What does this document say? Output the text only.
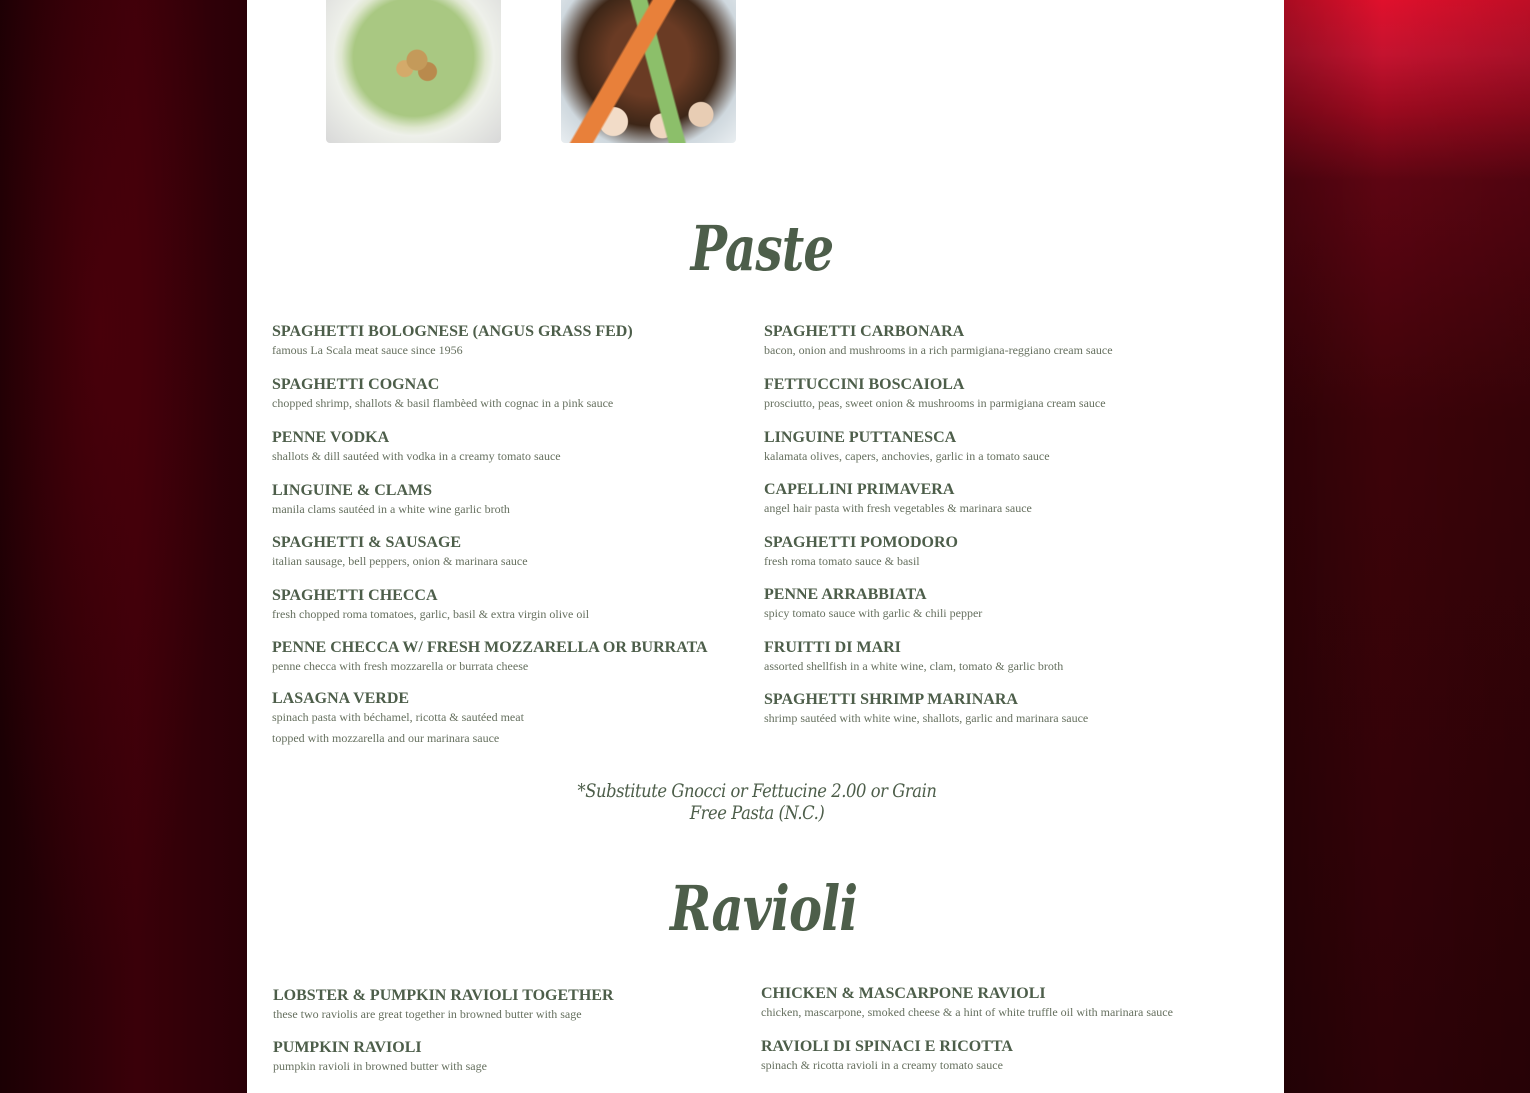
Paste
SPAGHETTI BOLOGNESE (ANGUS GRASS FED)
famous La Scala meat sauce since 1956
SPAGHETTI COGNAC
chopped shrimp, shallots & basil flambèed with cognac in a pink sauce
PENNE VODKA
shallots & dill sautéed with vodka in a creamy tomato sauce
LINGUINE & CLAMS
manila clams sautéed in a white wine garlic broth
SPAGHETTI & SAUSAGE
italian sausage, bell peppers, onion & marinara sauce
SPAGHETTI CHECCA
fresh chopped roma tomatoes, garlic, basil & extra virgin olive oil
PENNE CHECCA W/ FRESH MOZZARELLA OR BURRATA
penne checca with fresh mozzarella or burrata cheese
LASAGNA VERDE
spinach pasta with béchamel, ricotta & sautéed meat
topped with mozzarella and our marinara sauce
SPAGHETTI CARBONARA
bacon, onion and mushrooms in a rich parmigiana-reggiano cream sauce
FETTUCCINI BOSCAIOLA
prosciutto, peas, sweet onion & mushrooms in parmigiana cream sauce
LINGUINE PUTTANESCA
kalamata olives, capers, anchovies, garlic in a tomato sauce
CAPELLINI PRIMAVERA
angel hair pasta with fresh vegetables & marinara sauce
SPAGHETTI POMODORO
fresh roma tomato sauce & basil
PENNE ARRABBIATA
spicy tomato sauce with garlic & chili pepper
FRUITTI DI MARI
assorted shellfish in a white wine, clam, tomato & garlic broth
SPAGHETTI SHRIMP MARINARA
shrimp sautéed with white wine, shallots, garlic and marinara sauce
*Substitute Gnocci or Fettucine 2.00 or Grain Free Pasta (N.C.)
Ravioli
LOBSTER & PUMPKIN RAVIOLI TOGETHER
these two raviolis are great together in browned butter with sage
PUMPKIN RAVIOLI
pumpkin ravioli in browned butter with sage
CHICKEN & MASCARPONE RAVIOLI
chicken, mascarpone, smoked cheese & a hint of white truffle oil with marinara sauce
RAVIOLI DI SPINACI E RICOTTA
spinach & ricotta ravioli in a creamy tomato sauce
